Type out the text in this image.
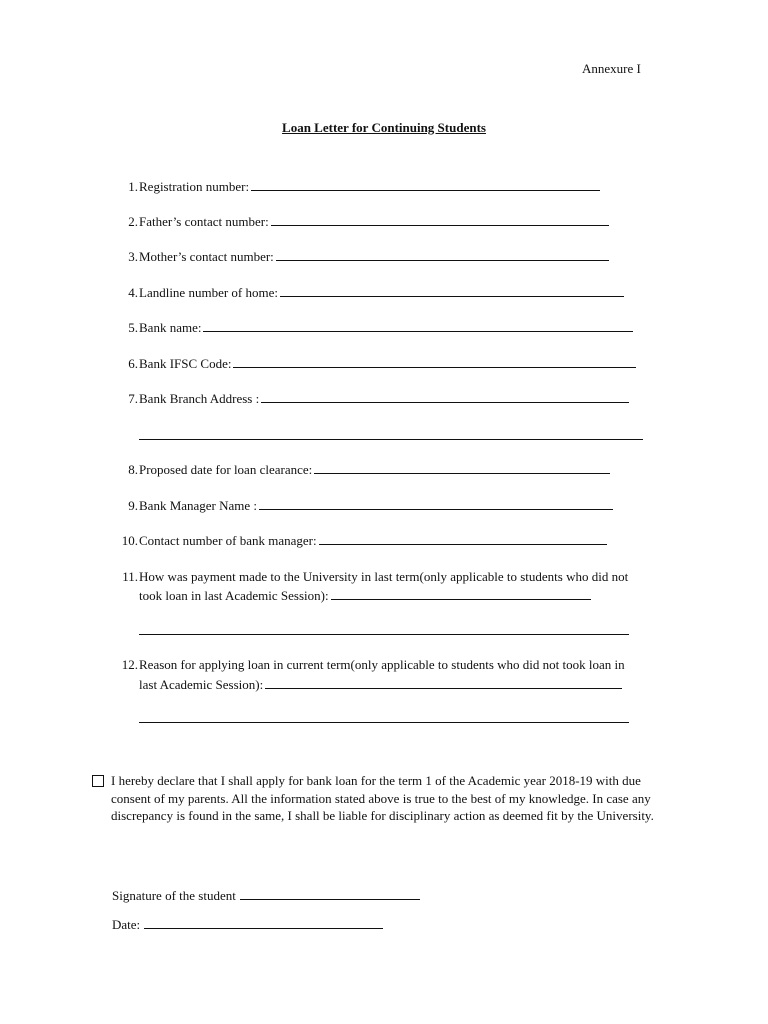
Annexure I
Loan Letter for Continuing Students
1. Registration number:
2. Father’s contact number:
3. Mother’s contact number:
4. Landline number of home:
5. Bank name:
6. Bank IFSC Code:
7. Bank Branch Address :
8. Proposed date for loan clearance:
9. Bank Manager Name :
10. Contact number of bank manager:
11. How was payment made to the University in last term(only applicable to students who did not
took loan in last Academic Session):
12. Reason for applying loan in current term(only applicable to students who did not took loan in
last Academic Session):
I hereby declare that I shall apply for bank loan for the term 1 of the Academic year 2018-19 with due consent of my parents. All the information stated above is true to the best of my knowledge. In case any discrepancy is found in the same, I shall be liable for disciplinary action as deemed fit by the University.
Signature of the student
Date:
